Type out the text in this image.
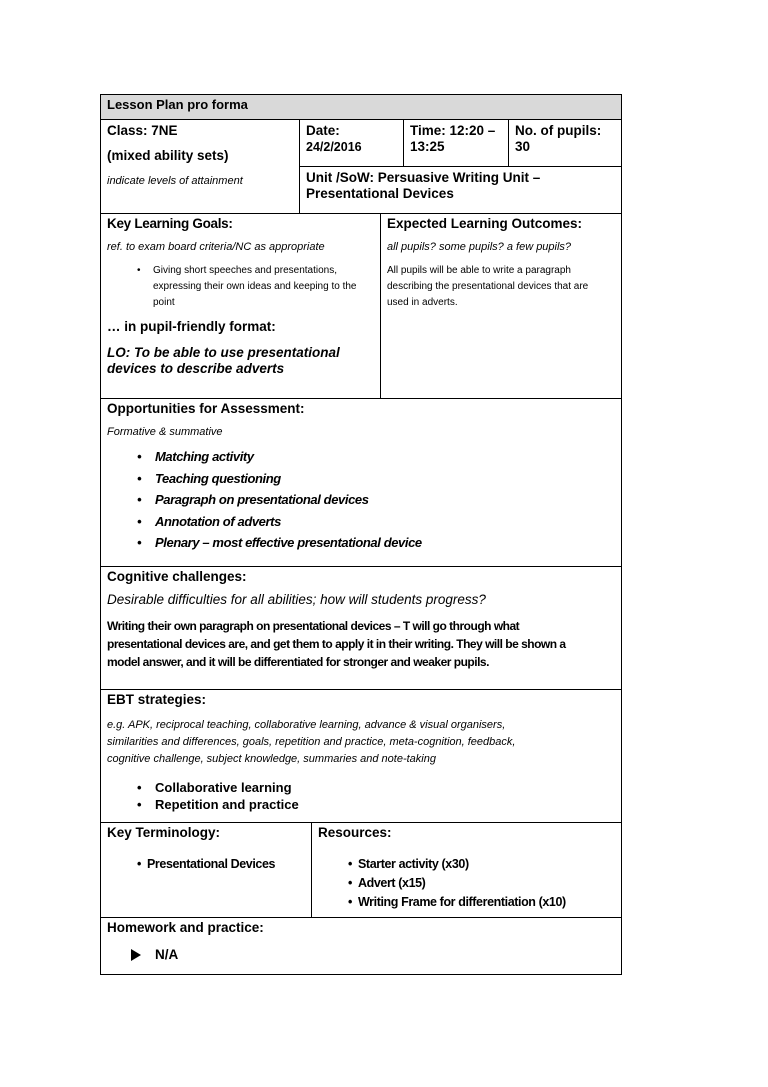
Lesson Plan pro forma
Class: 7NE
(mixed ability sets)
indicate levels of attainment
Date:
24/2/2016
Time: 12:20 –
13:25
No. of pupils:
30
Unit /SoW: Persuasive Writing Unit –
Presentational Devices
Key Learning Goals:
ref. to exam board criteria/NC as appropriate
• Giving short speeches and presentations,
expressing their own ideas and keeping to the
point
… in pupil-friendly format:
LO: To be able to use presentational
devices to describe adverts
Expected Learning Outcomes:
all pupils? some pupils? a few pupils?
All pupils will be able to write a paragraph
describing the presentational devices that are
used in adverts.
Opportunities for Assessment:
Formative & summative
• Matching activity
• Teaching questioning
• Paragraph on presentational devices
• Annotation of adverts
• Plenary – most effective presentational device
Cognitive challenges:
Desirable difficulties for all abilities; how will students progress?
Writing their own paragraph on presentational devices – T will go through what
presentational devices are, and get them to apply it in their writing. They will be shown a
model answer, and it will be differentiated for stronger and weaker pupils.
EBT strategies:
e.g. APK, reciprocal teaching, collaborative learning, advance & visual organisers,
similarities and differences, goals, repetition and practice, meta-cognition, feedback,
cognitive challenge, subject knowledge, summaries and note-taking
• Collaborative learning
• Repetition and practice
Key Terminology:
• Presentational Devices
Resources:
• Starter activity (x30)
• Advert (x15)
• Writing Frame for differentiation (x10)
Homework and practice:
N/A
